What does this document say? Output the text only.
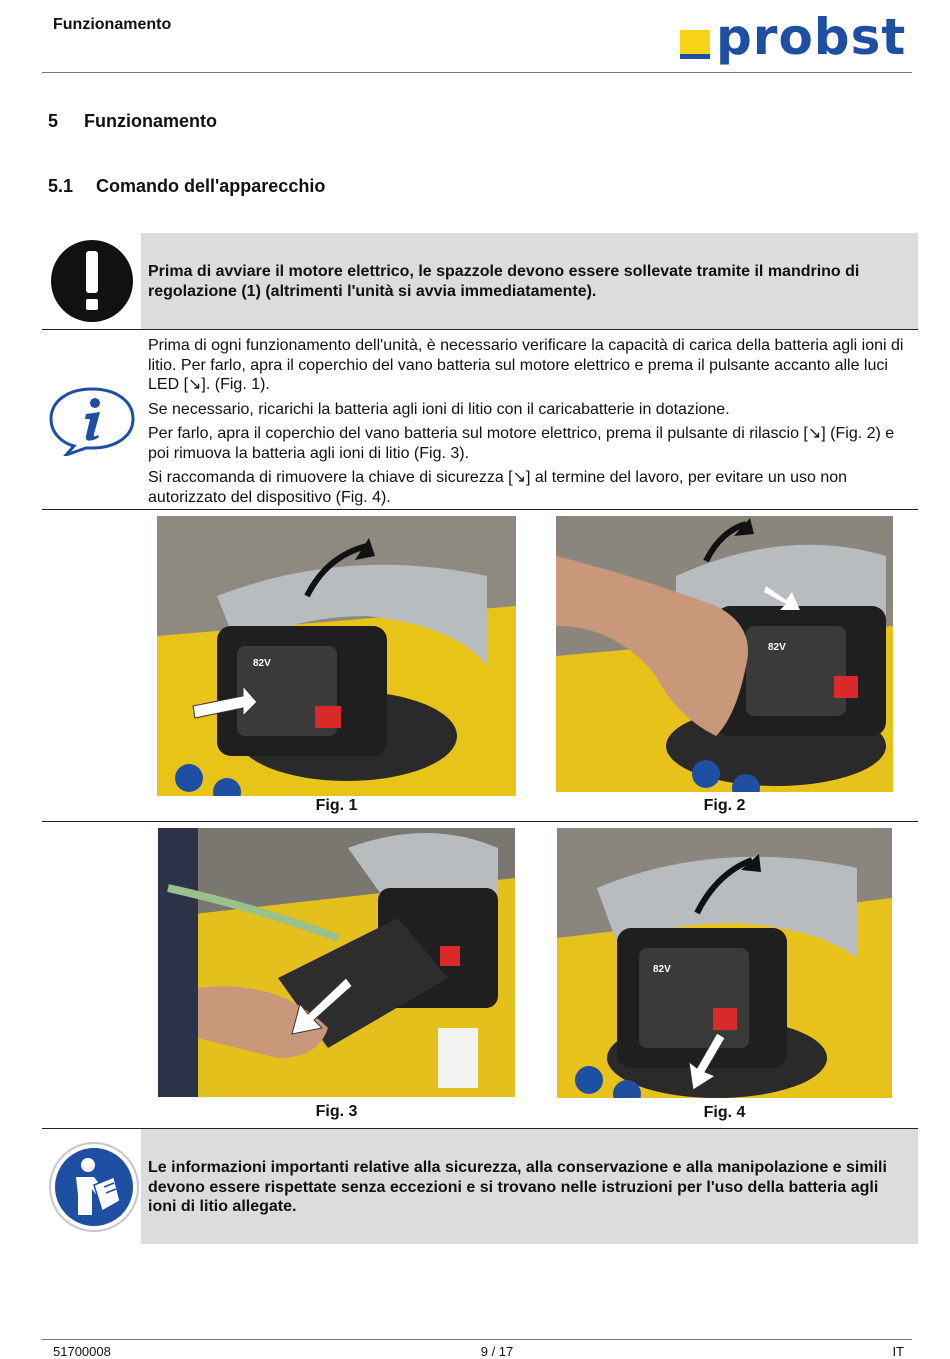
Funzionamento	probst
5 Funzionamento
5.1 Comando dell'apparecchio
Prima di avviare il motore elettrico, le spazzole devono essere sollevate tramite il mandrino di regolazione (1) (altrimenti l'unità si avvia immediatamente).

Prima di ogni funzionamento dell'unità, è necessario verificare la capacità di carica della batteria agli ioni di litio. Per farlo, apra il coperchio del vano batteria sul motore elettrico e prema il pulsante accanto alle luci LED [↘]. (Fig. 1).

Se necessario, ricarichi la batteria agli ioni di litio con il caricabatterie in dotazione.

Per farlo, apra il coperchio del vano batteria sul motore elettrico, prema il pulsante di rilascio [↘] (Fig. 2) e poi rimuova la batteria agli ioni di litio (Fig. 3).

Si raccomanda di rimuovere la chiave di sicurezza [↘] al termine del lavoro, per evitare un uso non autorizzato del dispositivo (Fig. 4).

82V
82V
Fig. 1	Fig. 2
82V
Fig. 3	Fig. 4
Le informazioni importanti relative alla sicurezza, alla conservazione e alla manipolazione e simili devono essere rispettate senza eccezioni e si trovano nelle istruzioni per l'uso della batteria agli ioni di litio allegate.
51700008	9 / 17	IT
